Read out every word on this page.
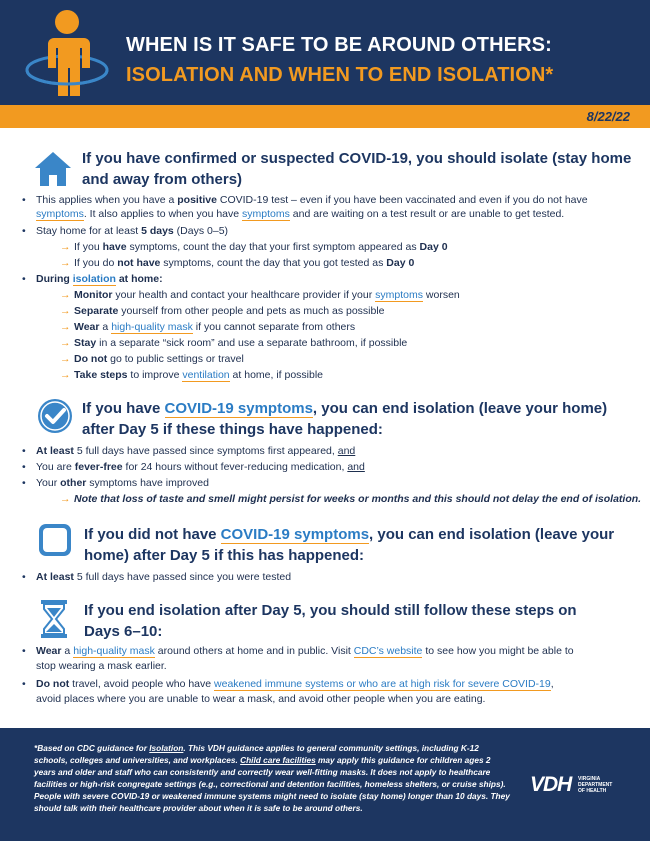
WHEN IS IT SAFE TO BE AROUND OTHERS:
ISOLATION AND WHEN TO END ISOLATION*
8/22/22
If you have confirmed or suspected COVID-19, you should isolate (stay home
and away from others)
• This applies when you have a positive COVID-19 test – even if you have been vaccinated and even if you do not have
symptoms. It also applies to when you have symptoms and are waiting on a test result or are unable to get tested.
• Stay home for at least 5 days (Days 0–5)
→ If you have symptoms, count the day that your first symptom appeared as Day 0
→ If you do not have symptoms, count the day that you got tested as Day 0
• During isolation at home:
→ Monitor your health and contact your healthcare provider if your symptoms worsen
→ Separate yourself from other people and pets as much as possible
→ Wear a high-quality mask if you cannot separate from others
→ Stay in a separate “sick room” and use a separate bathroom, if possible
→ Do not go to public settings or travel
→ Take steps to improve ventilation at home, if possible
If you have COVID-19 symptoms, you can end isolation (leave your home)
after Day 5 if these things have happened:
• At least 5 full days have passed since symptoms first appeared, and
• You are fever-free for 24 hours without fever-reducing medication, and
• Your other symptoms have improved
→ Note that loss of taste and smell might persist for weeks or months and this should not delay the end of isolation.
If you did not have COVID-19 symptoms, you can end isolation (leave your
home) after Day 5 if this has happened:
• At least 5 full days have passed since you were tested
If you end isolation after Day 5, you should still follow these steps on
Days 6–10:
• Wear a high-quality mask around others at home and in public. Visit CDC’s website to see how you might be able to
stop wearing a mask earlier.
• Do not travel, avoid people who have weakened immune systems or who are at high risk for severe COVID-19,
avoid places where you are unable to wear a mask, and avoid other people when you are eating.
*Based on CDC guidance for Isolation. This VDH guidance applies to general community settings, including K-12 schools, colleges and universities, and workplaces. Child care facilities may apply this guidance for children ages 2 years and older and staff who can consistently and correctly wear well-fitting masks. It does not apply to healthcare facilities or high-risk congregate settings (e.g., correctional and detention facilities, homeless shelters, or cruise ships). People with severe COVID-19 or weakened immune systems might need to isolate (stay home) longer than 10 days. They should talk with their healthcare provider about when it is safe to be around others.
VDH VIRGINIA
DEPARTMENT
OF HEALTH
